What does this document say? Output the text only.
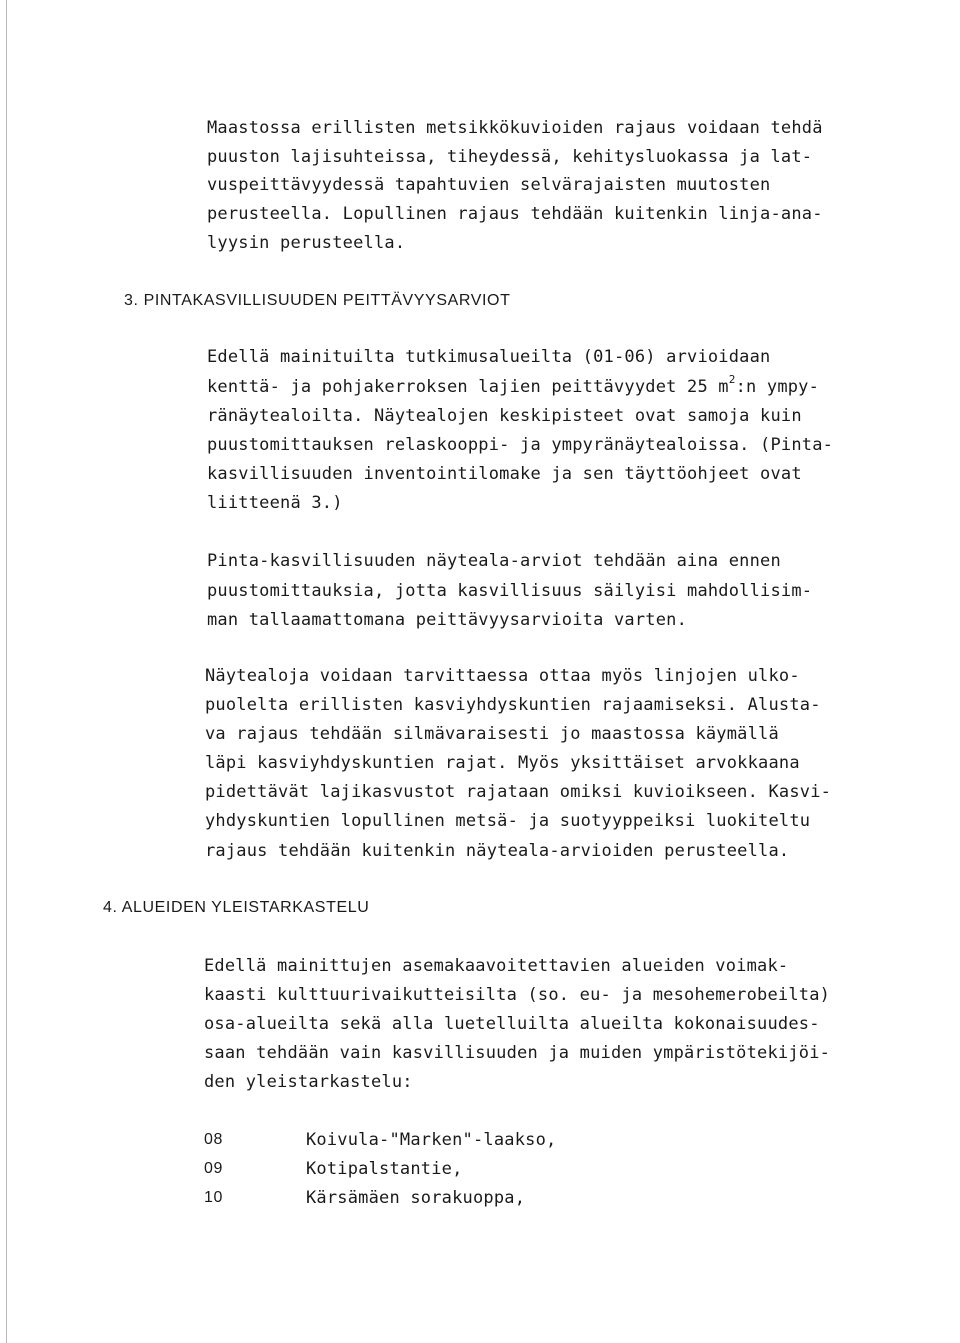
Maastossa erillisten metsikkökuvioiden rajaus voidaan tehdä
puuston lajisuhteissa, tiheydessä, kehitysluokassa ja lat-
vuspeittävyydessä tapahtuvien selvärajaisten muutosten
perusteella. Lopullinen rajaus tehdään kuitenkin linja-ana-
lyysin perusteella.
3. PINTAKASVILLISUUDEN PEITTÄVYYSARVIOT
Edellä mainituilta tutkimusalueilta (01-06) arvioidaan
kenttä- ja pohjakerroksen lajien peittävyydet 25 $m^2:n$ ympy-
ränäytealoilta. Näytealojen keskipisteet ovat samoja kuin
puustomittauksen relaskooppi- ja ympyränäytealoissa. (Pinta-
kasvillisuuden inventointilomake ja sen täyttöohjeet ovat
liitteenä 3.)
Pinta-kasvillisuuden näyteala-arviot tehdään aina ennen
puustomittauksia, jotta kasvillisuus säilyisi mahdollisim-
man tallaamattomana peittävyysarvioita varten.
Näytealoja voidaan tarvittaessa ottaa myös linjojen ulko-
puolelta erillisten kasviyhdyskuntien rajaamiseksi. Alusta-
va rajaus tehdään silmävaraisesti jo maastossa käymällä
läpi kasviyhdyskuntien rajat. Myös yksittäiset arvokkaana
pidettävät lajikasvustot rajataan omiksi kuvioikseen. Kasvi-
yhdyskuntien lopullinen metsä- ja suotyyppeiksi luokiteltu
rajaus tehdään kuitenkin näyteala-arvioiden perusteella.
4. ALUEIDEN YLEISTARKASTELU
Edellä mainittujen asemakaavoitettavien alueiden voimak-
kaasti kulttuurivaikutteisilta (so. eu- ja mesohemerobeilta)
osa-alueilta sekä alla luetelluilta alueilta kokonaisuudes-
saan tehdään vain kasvillisuuden ja muiden ympäristötekijöi-
den yleistarkastelu:
08	Koivula-"Marken"-laakso,
09	Kotipalstantie,
10	Kärsämäen sorakuoppa,
